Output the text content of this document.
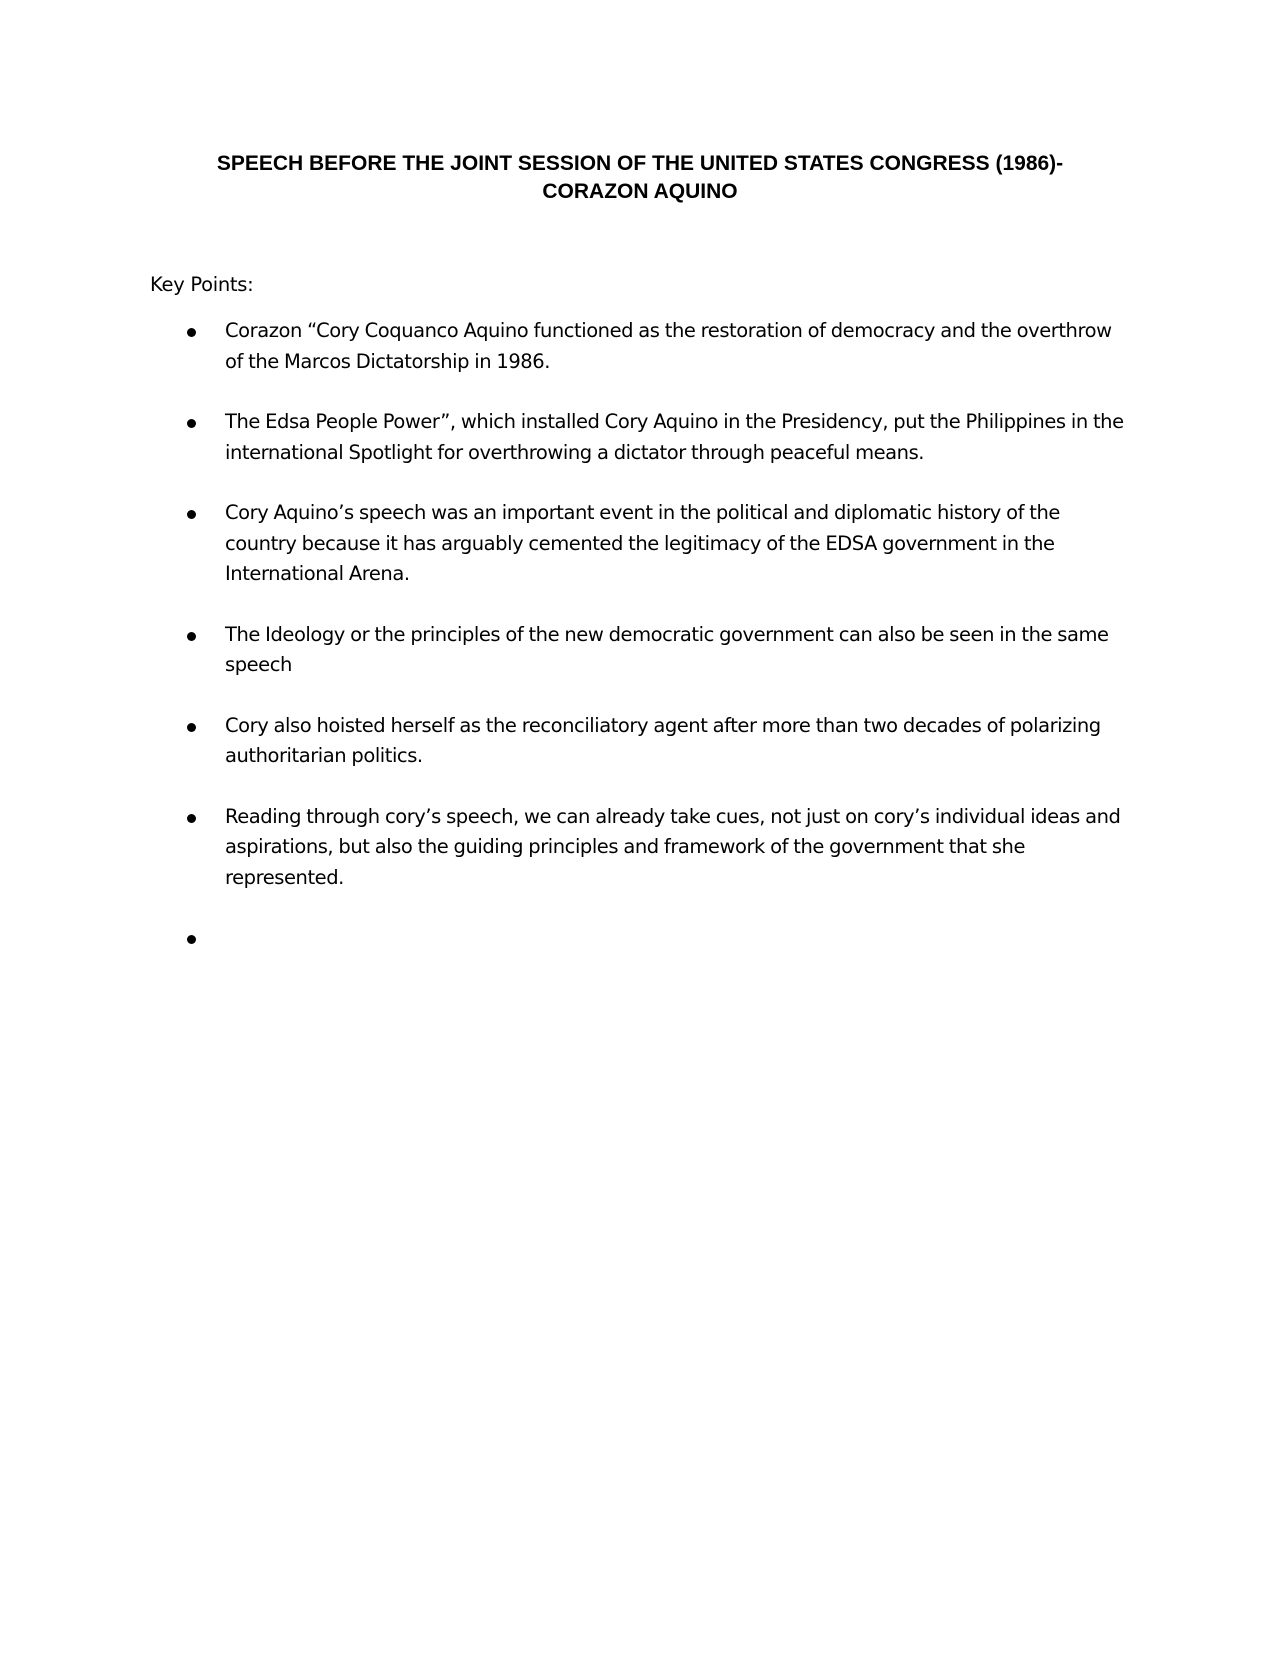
SPEECH BEFORE THE JOINT SESSION OF THE UNITED STATES CONGRESS (1986)-
CORAZON AQUINO

Key Points:

Corazon “Cory Coquanco Aquino functioned as the restoration of democracy and the overthrow of the Marcos Dictatorship in 1986.
The Edsa People Power”, which installed Cory Aquino in the Presidency, put the Philippines in the international Spotlight for overthrowing a dictator through peaceful means.
Cory Aquino’s speech was an important event in the political and diplomatic history of the country because it has arguably cemented the legitimacy of the EDSA government in the International Arena.
The Ideology or the principles of the new democratic government can also be seen in the same speech
Cory also hoisted herself as the reconciliatory agent after more than two decades of polarizing authoritarian politics.
Reading through cory’s speech, we can already take cues, not just on cory’s individual ideas and aspirations, but also the guiding principles and framework of the government that she represented.
